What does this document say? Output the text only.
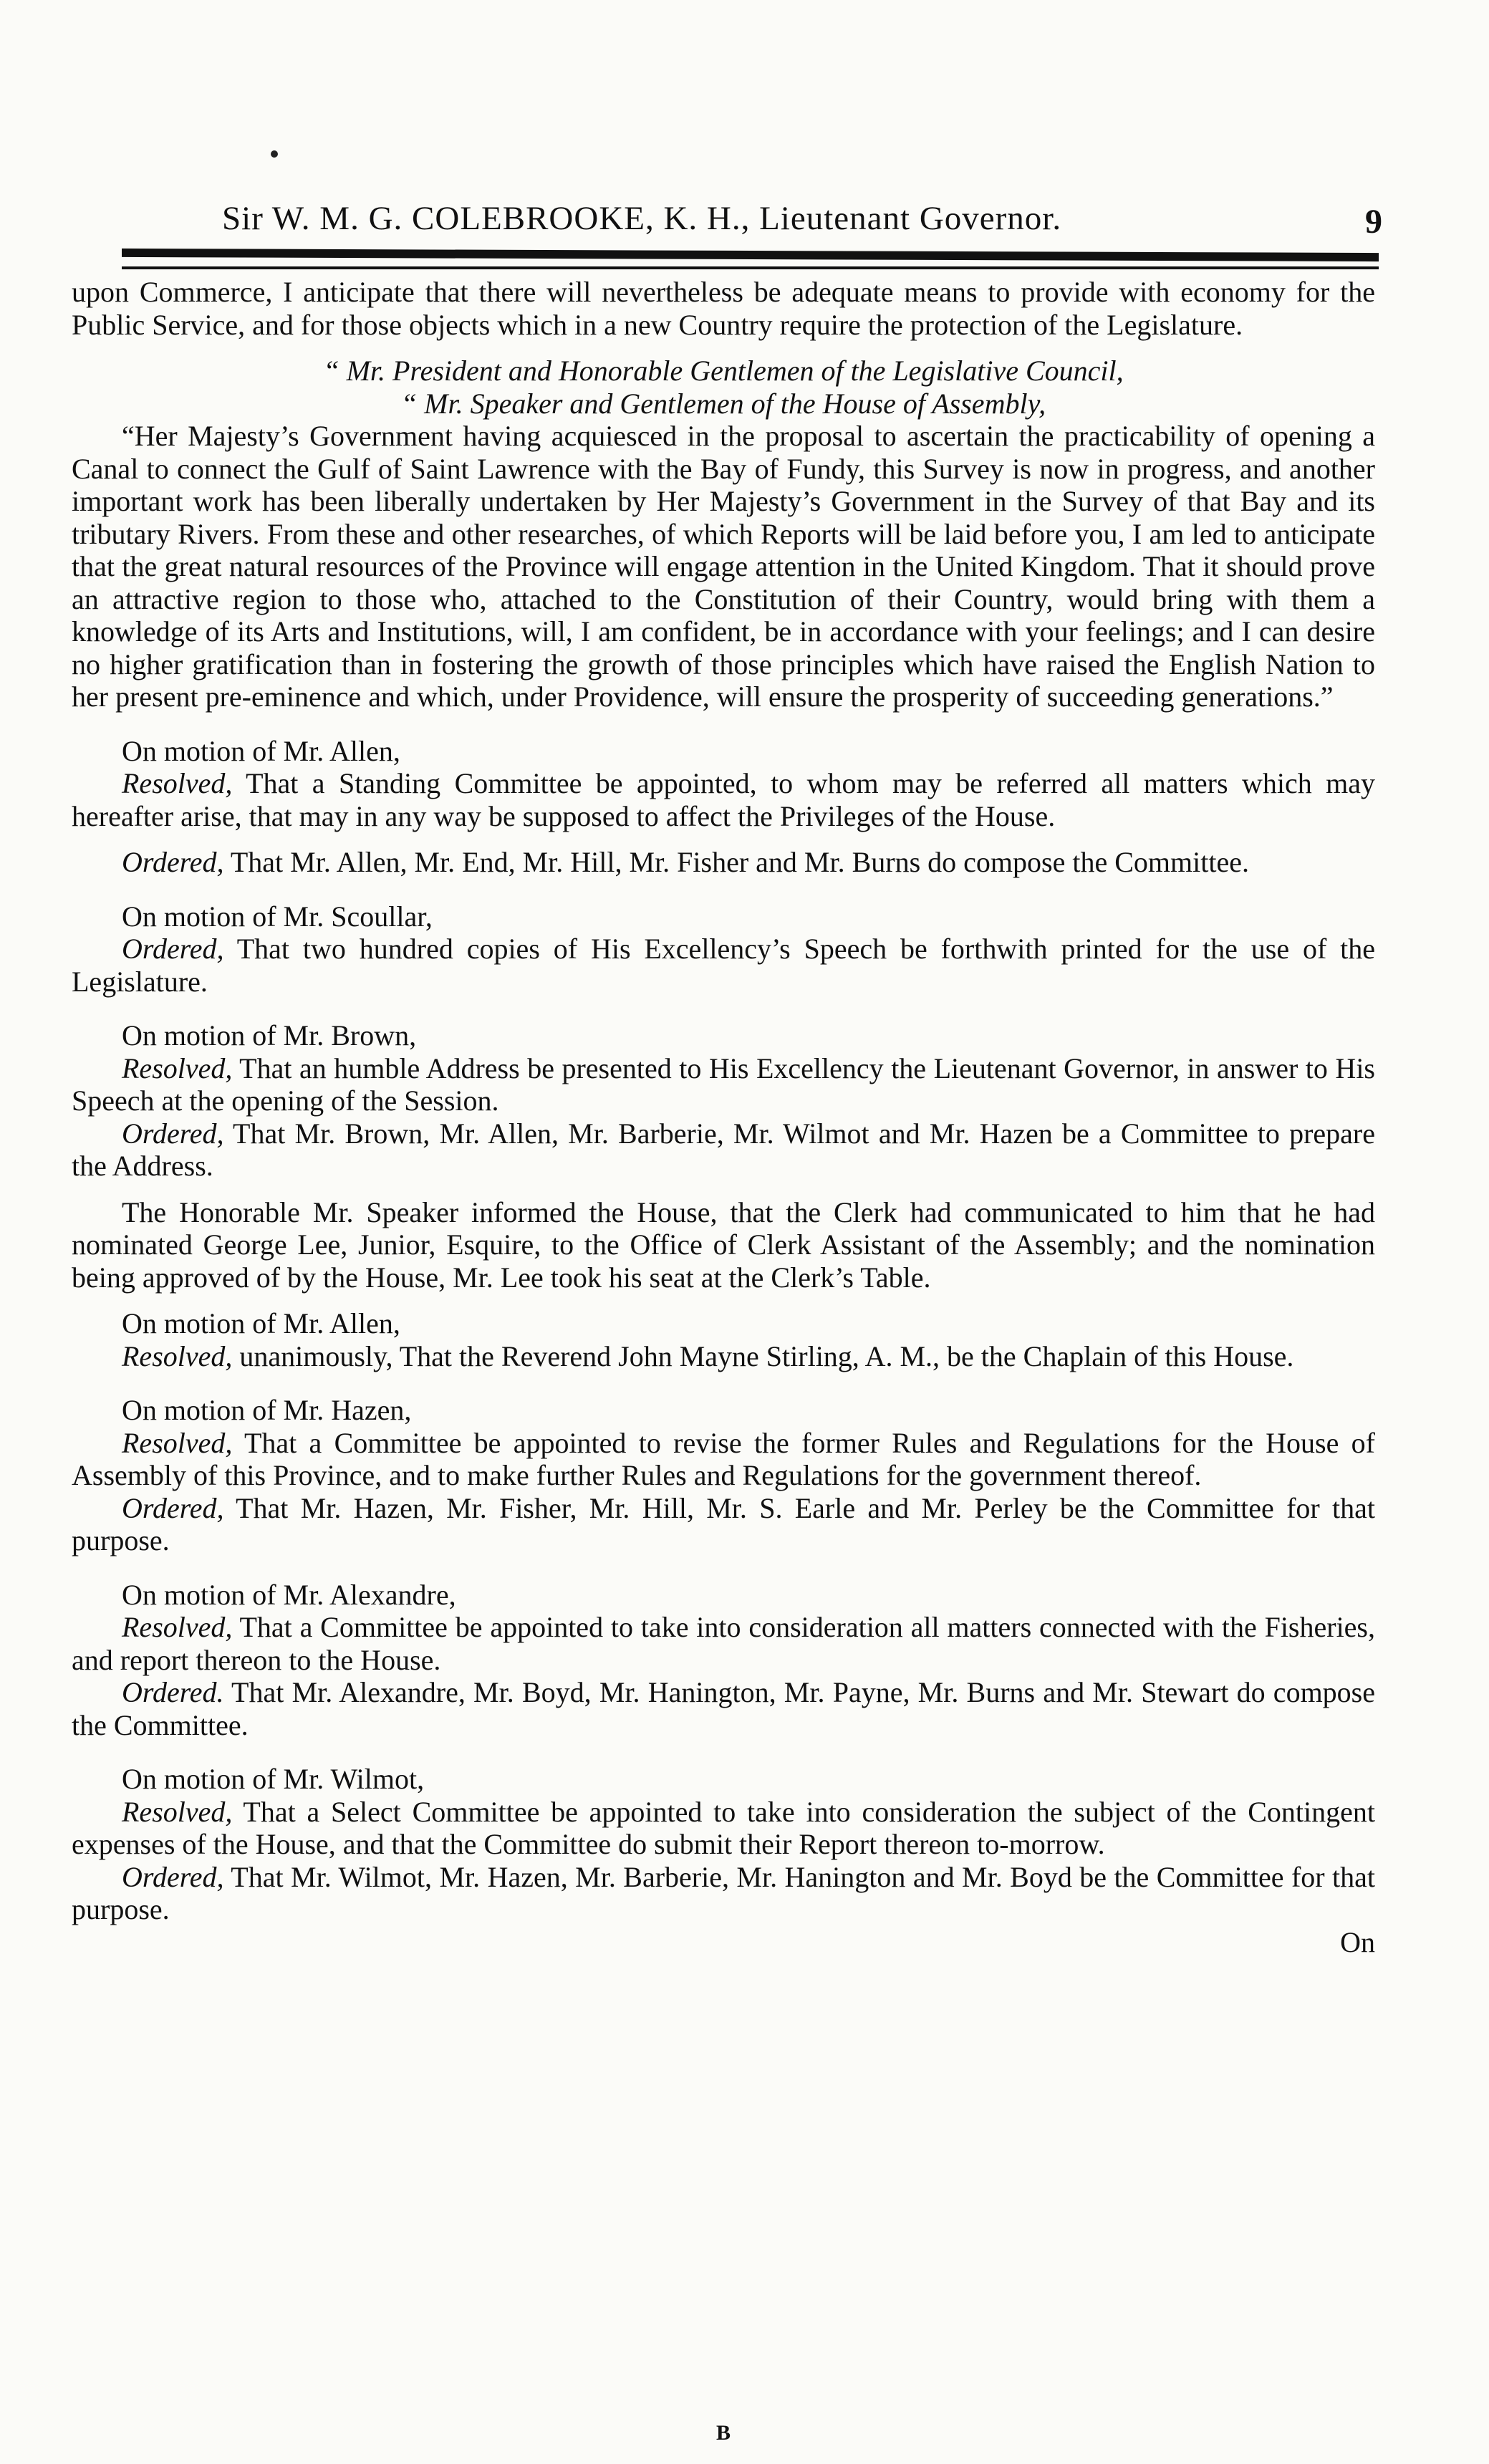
Sir W. M. G. COLEBROOKE, K. H., Lieutenant Governor.	9

upon Commerce, I anticipate that there will nevertheless be adequate means to provide with economy for the Public Service, and for those objects which in a new Country require the protection of the Legislature.

“ Mr. President and Honorable Gentlemen of the Legislative Council,

“ Mr. Speaker and Gentlemen of the House of Assembly,

“Her Majesty’s Government having acquiesced in the proposal to ascertain the practicability of opening a Canal to connect the Gulf of Saint Lawrence with the Bay of Fundy, this Survey is now in progress, and another important work has been liberally undertaken by Her Majesty’s Government in the Survey of that Bay and its tributary Rivers. From these and other researches, of which Reports will be laid before you, I am led to anticipate that the great natural resources of the Province will engage attention in the United Kingdom. That it should prove an attractive region to those who, attached to the Constitution of their Country, would bring with them a knowledge of its Arts and Institutions, will, I am confident, be in accordance with your feelings; and I can desire no higher gratification than in fostering the growth of those principles which have raised the English Nation to her present pre-eminence and which, under Providence, will ensure the prosperity of succeeding generations.”

On motion of Mr. Allen,

Resolved, That a Standing Committee be appointed, to whom may be referred all matters which may hereafter arise, that may in any way be supposed to affect the Privileges of the House.

Ordered, That Mr. Allen, Mr. End, Mr. Hill, Mr. Fisher and Mr. Burns do compose the Committee.

On motion of Mr. Scoullar,

Ordered, That two hundred copies of His Excellency’s Speech be forthwith printed for the use of the Legislature.

On motion of Mr. Brown,

Resolved, That an humble Address be presented to His Excellency the Lieutenant Governor, in answer to His Speech at the opening of the Session.

Ordered, That Mr. Brown, Mr. Allen, Mr. Barberie, Mr. Wilmot and Mr. Hazen be a Committee to prepare the Address.

The Honorable Mr. Speaker informed the House, that the Clerk had communicated to him that he had nominated George Lee, Junior, Esquire, to the Office of Clerk Assistant of the Assembly; and the nomination being approved of by the House, Mr. Lee took his seat at the Clerk’s Table.

On motion of Mr. Allen,

Resolved, unanimously, That the Reverend John Mayne Stirling, A. M., be the Chaplain of this House.

On motion of Mr. Hazen,

Resolved, That a Committee be appointed to revise the former Rules and Regulations for the House of Assembly of this Province, and to make further Rules and Regulations for the government thereof.

Ordered, That Mr. Hazen, Mr. Fisher, Mr. Hill, Mr. S. Earle and Mr. Perley be the Committee for that purpose.

On motion of Mr. Alexandre,

Resolved, That a Committee be appointed to take into consideration all matters connected with the Fisheries, and report thereon to the House.

Ordered. That Mr. Alexandre, Mr. Boyd, Mr. Hanington, Mr. Payne, Mr. Burns and Mr. Stewart do compose the Committee.

On motion of Mr. Wilmot,

Resolved, That a Select Committee be appointed to take into consideration the subject of the Contingent expenses of the House, and that the Committee do submit their Report thereon to-morrow.

Ordered, That Mr. Wilmot, Mr. Hazen, Mr. Barberie, Mr. Hanington and Mr. Boyd be the Committee for that purpose.

On

B
